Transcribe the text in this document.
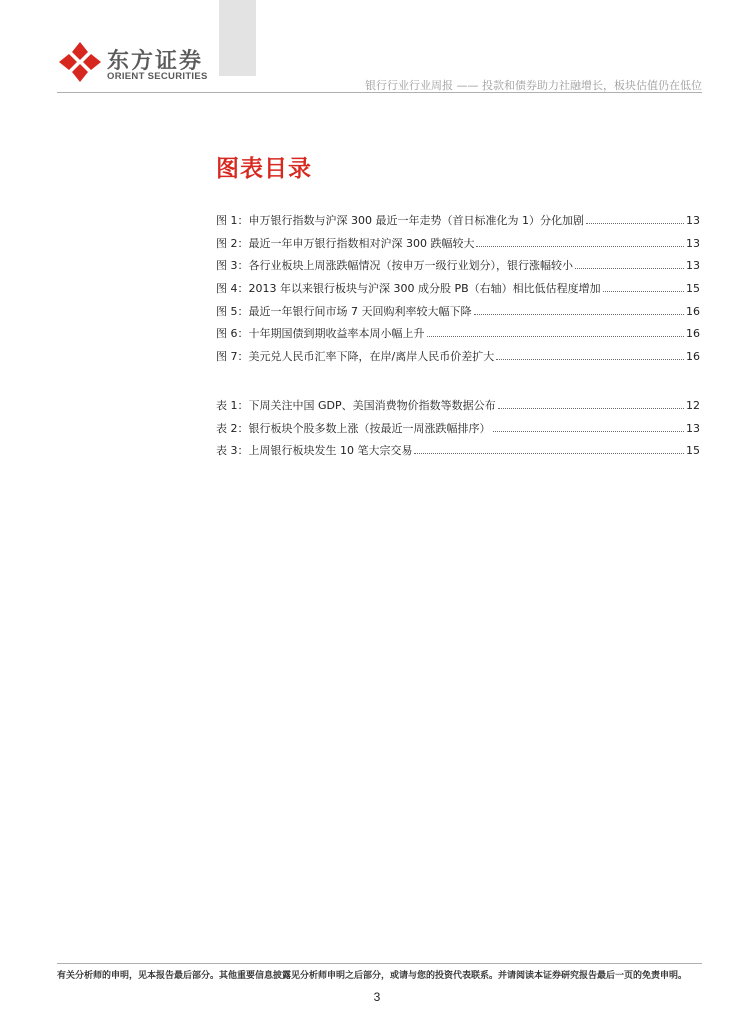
东方证券
ORIENT SECURITIES
银行行业行业周报 —— 投款和债券助力社融增长，板块估值仍在低位
图表目录
图 1：申万银行指数与沪深 300 最近一年走势（首日标准化为 1）分化加剧	13
图 2：最近一年申万银行指数相对沪深 300 跌幅较大	13
图 3：各行业板块上周涨跌幅情况（按申万一级行业划分），银行涨幅较小	13
图 4：2013 年以来银行板块与沪深 300 成分股 PB（右轴）相比低估程度增加	15
图 5：最近一年银行间市场 7 天回购利率较大幅下降	16
图 6：十年期国债到期收益率本周小幅上升	16
图 7：美元兑人民币汇率下降，在岸/离岸人民币价差扩大	16
表 1：下周关注中国 GDP、美国消费物价指数等数据公布	12
表 2：银行板块个股多数上涨（按最近一周涨跌幅排序）	13
表 3：上周银行板块发生 10 笔大宗交易	15
有关分析师的申明，见本报告最后部分。其他重要信息披露见分析师申明之后部分，或请与您的投资代表联系。并请阅读本证券研究报告最后一页的免责申明。
3
